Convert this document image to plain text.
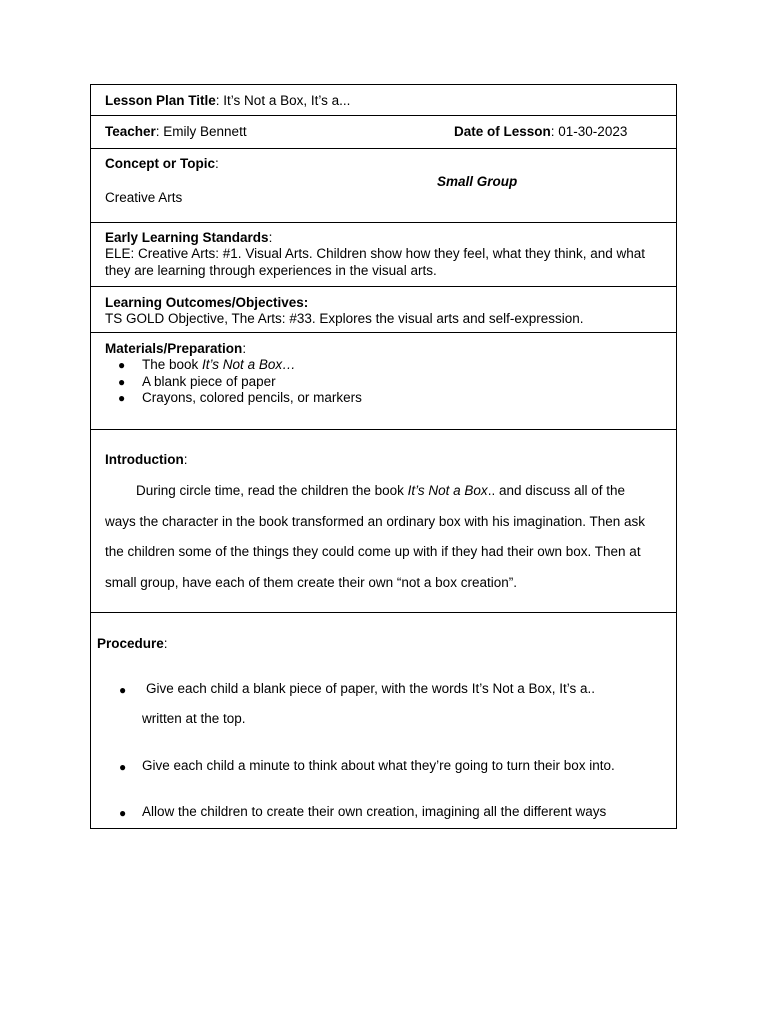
Lesson Plan Title: It’s Not a Box, It’s a...
Teacher: Emily Bennett	Date of Lesson: 01-30-2023
Concept or Topic:
Small Group
Creative Arts
Early Learning Standards:
ELE: Creative Arts: #1. Visual Arts. Children show how they feel, what they think, and what they are learning through experiences in the visual arts.
Learning Outcomes/Objectives:
TS GOLD Objective, The Arts: #33. Explores the visual arts and self-expression.
Materials/Preparation:
● The book It’s Not a Box…
● A blank piece of paper
● Crayons, colored pencils, or markers
Introduction:
During circle time, read the children the book It’s Not a Box.. and discuss all of the ways the character in the book transformed an ordinary box with his imagination. Then ask the children some of the things they could come up with if they had their own box. Then at small group, have each of them create their own “not a box creation”.
Procedure:
● Give each child a blank piece of paper, with the words It’s Not a Box, It’s a..
written at the top.
● Give each child a minute to think about what they’re going to turn their box into.
● Allow the children to create their own creation, imagining all the different ways
